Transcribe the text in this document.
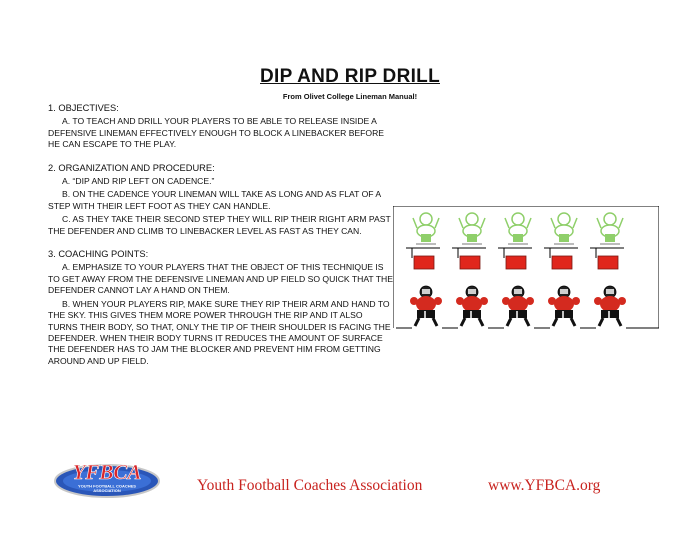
DIP AND RIP DRILL
From Olivet College Lineman Manual!
1. OBJECTIVES:
A. TO TEACH AND DRILL YOUR PLAYERS TO BE ABLE TO RELEASE INSIDE A DEFENSIVE LINEMAN EFFECTIVELY ENOUGH TO BLOCK A LINEBACKER BEFORE HE CAN ESCAPE TO THE PLAY.
2. ORGANIZATION AND PROCEDURE:
A. “DIP AND RIP LEFT ON CADENCE.”
B. ON THE CADENCE YOUR LINEMAN WILL TAKE AS LONG AND AS FLAT OF A STEP WITH THEIR LEFT FOOT AS THEY CAN HANDLE.
C. AS THEY TAKE THEIR SECOND STEP THEY WILL RIP THEIR RIGHT ARM PAST THE DEFENDER AND CLIMB TO LINEBACKER LEVEL AS FAST AS THEY CAN.
3. COACHING POINTS:
A. EMPHASIZE TO YOUR PLAYERS THAT THE OBJECT OF THIS TECHNIQUE IS TO GET AWAY FROM THE DEFENSIVE LINEMAN AND UP FIELD SO QUICK THAT THE DEFENDER CANNOT LAY A HAND ON THEM.
B. WHEN YOUR PLAYERS RIP, MAKE SURE THEY RIP THEIR ARM AND HAND TO THE SKY. THIS GIVES THEM MORE POWER THROUGH THE RIP AND IT ALSO TURNS THEIR BODY, SO THAT, ONLY THE TIP OF THEIR SHOULDER IS FACING THE DEFENDER. WHEN THEIR BODY TURNS IT REDUCES THE AMOUNT OF SURFACE THE DEFENDER HAS TO JAM THE BLOCKER AND PREVENT HIM FROM GETTING AROUND AND UP FIELD.
YFBCA
YOUTH FOOTBALL COACHES
ASSOCIATION	Youth Football Coaches Association	www.YFBCA.org
